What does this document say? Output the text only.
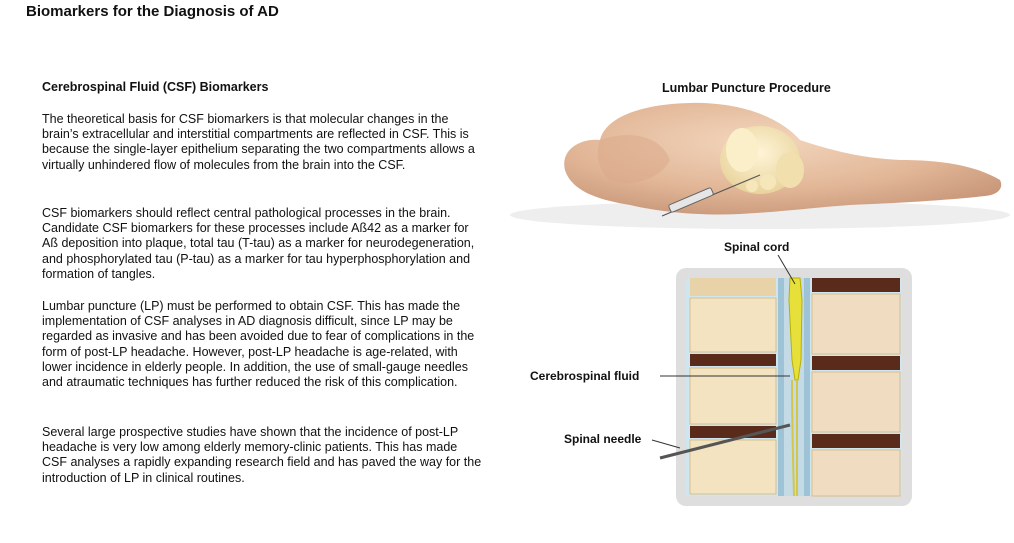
Biomarkers for the Diagnosis of AD
Cerebrospinal Fluid (CSF) Biomarkers

The theoretical basis for CSF biomarkers is that molecular changes in the brain’s extracellular and interstitial compartments are reflected in CSF. This is because the single-layer epithelium separating the two compartments allows a virtually unhindered flow of molecules from the brain into the CSF.

CSF biomarkers should reflect central pathological processes in the brain. Candidate CSF biomarkers for these processes include Aß42 as a marker for Aß deposition into plaque, total tau (T-tau) as a marker for neurodegeneration, and phosphorylated tau (P-tau) as a marker for tau hyperphosphorylation and formation of tangles.

Lumbar puncture (LP) must be performed to obtain CSF. This has made the implementation of CSF analyses in AD diagnosis difficult, since LP may be regarded as invasive and has been avoided due to fear of complications in the form of post-LP headache. However, post-LP headache is age-related, with lower incidence in elderly people. In addition, the use of small-gauge needles and atraumatic techniques has further reduced the risk of this complication.

Several large prospective studies have shown that the incidence of post-LP headache is very low among elderly memory-clinic patients. This has made CSF analyses a rapidly expanding research field and has paved the way for the introduction of LP in clinical routines.

Lumbar Puncture Procedure
Spinal cord
Cerebrospinal fluid
Spinal needle
